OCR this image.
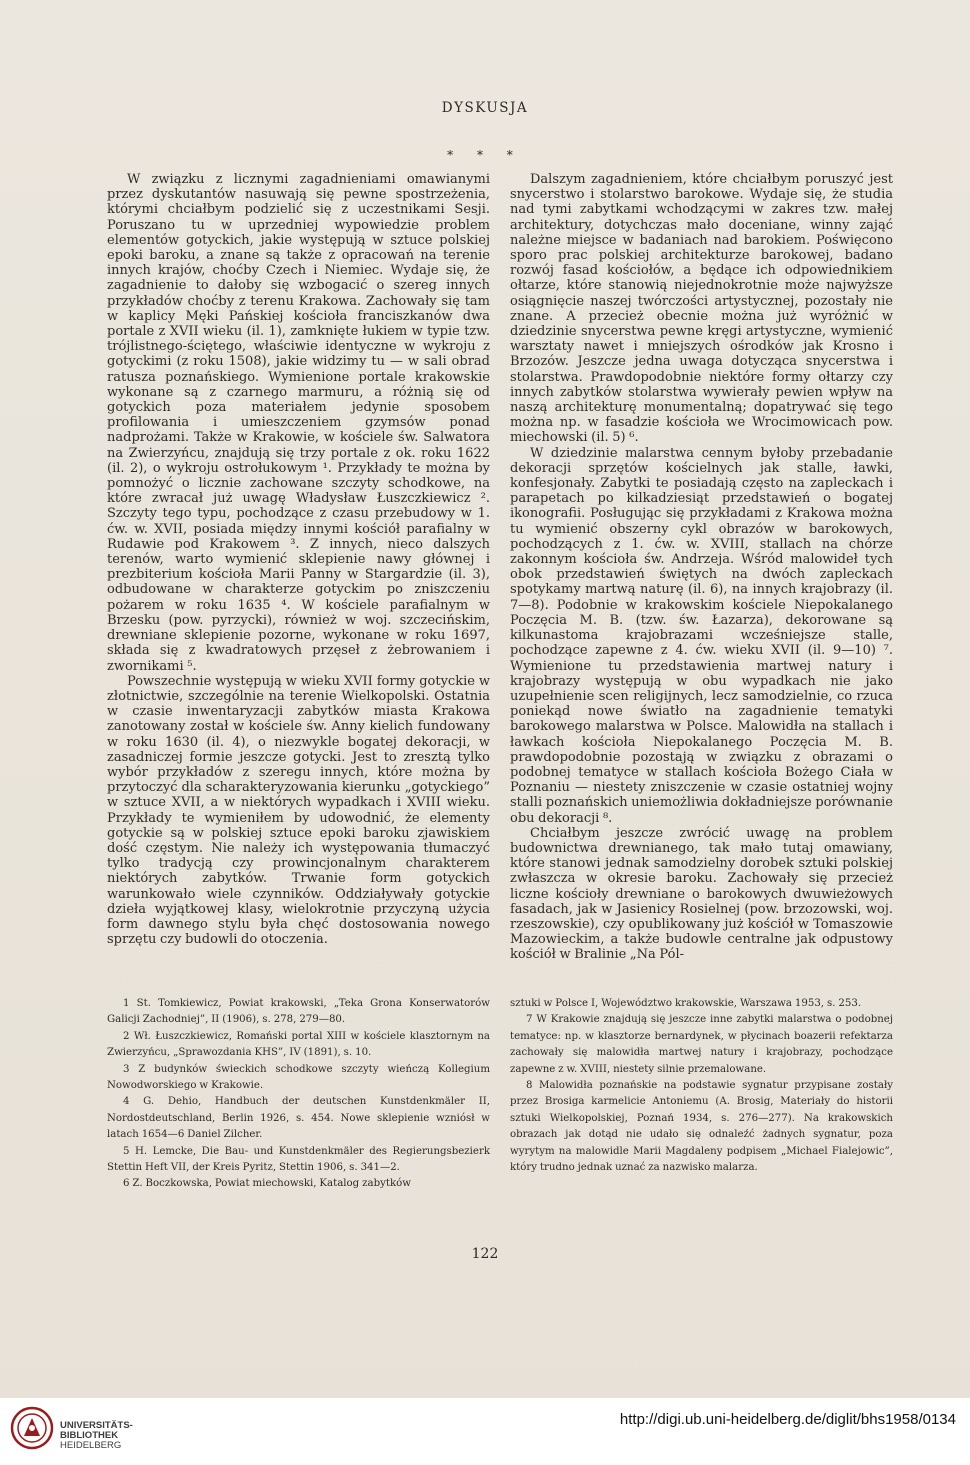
DYSKUSJA
* * *

W związku z licznymi zagadnieniami omawianymi przez dyskutantów nasuwają się pewne spostrzeżenia, którymi chciałbym podzielić się z uczestnikami Sesji. Poruszano tu w uprzedniej wypowiedzie problem elementów gotyckich, jakie występują w sztuce polskiej epoki baroku, a znane są także z opracowań na terenie innych krajów, choćby Czech i Niemiec. Wydaje się, że zagadnienie to dałoby się wzbogacić o szereg innych przykładów choćby z terenu Krakowa. Zachowały się tam w kaplicy Męki Pańskiej kościoła franciszkanów dwa portale z XVII wieku (il. 1), zamknięte łukiem w typie tzw. trójlistnego-ściętego, właściwie identyczne w wykroju z gotyckimi (z roku 1508), jakie widzimy tu — w sali obrad ratusza poznańskiego. Wymienione portale krakowskie wykonane są z czarnego marmuru, a różnią się od gotyckich poza materiałem jedynie sposobem profilowania i umieszczeniem gzymsów ponad nadprożami. Także w Krakowie, w kościele św. Salwatora na Zwierzyńcu, znajdują się trzy portale z ok. roku 1622 (il. 2), o wykroju ostrołukowym ¹. Przykłady te można by pomnożyć o licznie zachowane szczyty schodkowe, na które zwracał już uwagę Władysław Łuszczkiewicz ². Szczyty tego typu, pochodzące z czasu przebudowy w 1. ćw. w. XVII, posiada między innymi kościół parafialny w Rudawie pod Krakowem ³. Z innych, nieco dalszych terenów, warto wymienić sklepienie nawy głównej i prezbiterium kościoła Marii Panny w Stargardzie (il. 3), odbudowane w charakterze gotyckim po zniszczeniu pożarem w roku 1635 ⁴. W kościele parafialnym w Brzesku (pow. pyrzycki), również w woj. szczecińskim, drewniane sklepienie pozorne, wykonane w roku 1697, składa się z kwadratowych przęseł z żebrowaniem i zwornikami ⁵.

Powszechnie występują w wieku XVII formy gotyckie w złotnictwie, szczególnie na terenie Wielkopolski. Ostatnia w czasie inwentaryzacji zabytków miasta Krakowa zanotowany został w kościele św. Anny kielich fundowany w roku 1630 (il. 4), o niezwykle bogatej dekoracji, w zasadniczej formie jeszcze gotycki. Jest to zresztą tylko wybór przykładów z szeregu innych, które można by przytoczyć dla scharakteryzowania kierunku „gotyckiego” w sztuce XVII, a w niektórych wypadkach i XVIII wieku. Przykłady te wymieniłem by udowodnić, że elementy gotyckie są w polskiej sztuce epoki baroku zjawiskiem dość częstym. Nie należy ich występowania tłumaczyć tylko tradycją czy prowincjonalnym charakterem niektórych zabytków. Trwanie form gotyckich warunkowało wiele czynników. Oddziaływały gotyckie dzieła wyjątkowej klasy, wielokrotnie przyczyną użycia form dawnego stylu była chęć dostosowania nowego sprzętu czy budowli do otoczenia.

Dalszym zagadnieniem, które chciałbym poruszyć jest snycerstwo i stolarstwo barokowe. Wydaje się, że studia nad tymi zabytkami wchodzącymi w zakres tzw. małej architektury, dotychczas mało doceniane, winny zająć należne miejsce w badaniach nad barokiem. Poświęcono sporo prac polskiej architekturze barokowej, badano rozwój fasad kościołów, a będące ich odpowiednikiem ołtarze, które stanowią niejednokrotnie może najwyższe osiągnięcie naszej twórczości artystycznej, pozostały nie znane. A przecież obecnie można już wyróżnić w dziedzinie snycerstwa pewne kręgi artystyczne, wymienić warsztaty nawet i mniejszych ośrodków jak Krosno i Brzozów. Jeszcze jedna uwaga dotycząca snycerstwa i stolarstwa. Prawdopodobnie niektóre formy ołtarzy czy innych zabytków stolarstwa wywierały pewien wpływ na naszą architekturę monumentalną; dopatrywać się tego można np. w fasadzie kościoła we Wrocimowicach pow. miechowski (il. 5) ⁶.

W dziedzinie malarstwa cennym byłoby przebadanie dekoracji sprzętów kościelnych jak stalle, ławki, konfesjonały. Zabytki te posiadają często na zapleckach i parapetach po kilkadziesiąt przedstawień o bogatej ikonografii. Posługując się przykładami z Krakowa można tu wymienić obszerny cykl obrazów w barokowych, pochodzących z 1. ćw. w. XVIII, stallach na chórze zakonnym kościoła św. Andrzeja. Wśród malowideł tych obok przedstawień świętych na dwóch zapleckach spotykamy martwą naturę (il. 6), na innych krajobrazy (il. 7—8). Podobnie w krakowskim kościele Niepokalanego Poczęcia M. B. (tzw. św. Łazarza), dekorowane są kilkunastoma krajobrazami wcześniejsze stalle, pochodzące zapewne z 4. ćw. wieku XVII (il. 9—10) ⁷. Wymienione tu przedstawienia martwej natury i krajobrazy występują w obu wypadkach nie jako uzupełnienie scen religijnych, lecz samodzielnie, co rzuca poniekąd nowe światło na zagadnienie tematyki barokowego malarstwa w Polsce. Malowidła na stallach i ławkach kościoła Niepokalanego Poczęcia M. B. prawdopodobnie pozostają w związku z obrazami o podobnej tematyce w stallach kościoła Bożego Ciała w Poznaniu — niestety zniszczenie w czasie ostatniej wojny stalli poznańskich uniemożliwia dokładniejsze porównanie obu dekoracji ⁸.

Chciałbym jeszcze zwrócić uwagę na problem budownictwa drewnianego, tak mało tutaj omawiany, które stanowi jednak samodzielny dorobek sztuki polskiej zwłaszcza w okresie baroku. Zachowały się przecież liczne kościoły drewniane o barokowych dwuwieżowych fasadach, jak w Jasienicy Rosielnej (pow. brzozowski, woj. rzeszowskie), czy opublikowany już kościół w Tomaszowie Mazowieckim, a także budowle centralne jak odpustowy kościół w Bralinie „Na Pól-

1 St. Tomkiewicz, Powiat krakowski, „Teka Grona Konserwatorów Galicji Zachodniej”, II (1906), s. 278, 279—80.

2 Wł. Łuszczkiewicz, Romański portal XIII w kościele klasztornym na Zwierzyńcu, „Sprawozdania KHS”, IV (1891), s. 10.

3 Z budynków świeckich schodkowe szczyty wieńczą Kollegium Nowodworskiego w Krakowie.

4 G. Dehio, Handbuch der deutschen Kunstdenkmäler II, Nordostdeutschland, Berlin 1926, s. 454. Nowe sklepienie wzniósł w latach 1654—6 Daniel Zilcher.

5 H. Lemcke, Die Bau- und Kunstdenkmäler des Regierungsbezierk Stettin Heft VII, der Kreis Pyritz, Stettin 1906, s. 341—2.

6 Z. Boczkowska, Powiat miechowski, Katalog zabytków

sztuki w Polsce I, Województwo krakowskie, Warszawa 1953, s. 253.

7 W Krakowie znajdują się jeszcze inne zabytki malarstwa o podobnej tematyce: np. w klasztorze bernardynek, w płycinach boazerii refektarza zachowały się malowidła martwej natury i krajobrazy, pochodzące zapewne z w. XVIII, niestety silnie przemalowane.

8 Malowidła poznańskie na podstawie sygnatur przypisane zostały przez Brosiga karmelicie Antoniemu (A. Brosig, Materiały do historii sztuki Wielkopolskiej, Poznań 1934, s. 276—277). Na krakowskich obrazach jak dotąd nie udało się odnaleźć żadnych sygnatur, poza wyrytym na malowidle Marii Magdaleny podpisem „Michael Fialejowic”, który trudno jednak uznać za nazwisko malarza.

122
UNIVERSITÄTS-
BIBLIOTHEK
HEIDELBERG
http://digi.ub.uni-heidelberg.de/diglit/bhs1958/0134
